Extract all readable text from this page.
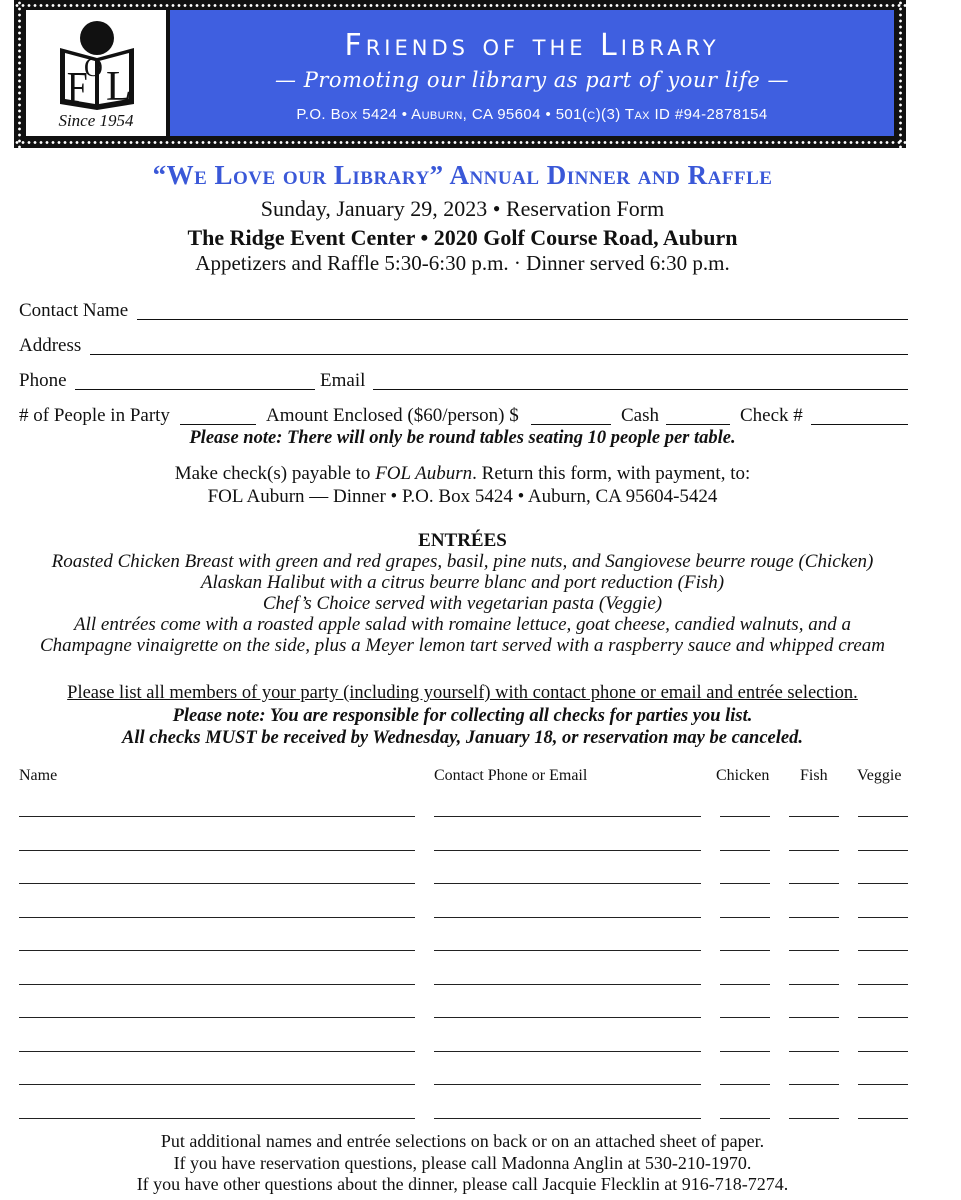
F
O L
Since 1954
Friends of the Library
— Promoting our library as part of your life —
P.O. Box 5424 • Auburn, CA 95604 • 501(c)(3) Tax ID #94-2878154
“We Love our Library” Annual Dinner and Raffle
Sunday, January 29, 2023 • Reservation Form
The Ridge Event Center • 2020 Golf Course Road, Auburn
Appetizers and Raffle 5:30-6:30 p.m. · Dinner served 6:30 p.m.
Contact Name
Address
Phone	Email
# of People in Party	Amount Enclosed ($60/person) $	Cash	Check #
Please note: There will only be round tables seating 10 people per table.
Make check(s) payable to FOL Auburn. Return this form, with payment, to:
FOL Auburn — Dinner • P.O. Box 5424 • Auburn, CA 95604-5424
ENTRÉES
Roasted Chicken Breast with green and red grapes, basil, pine nuts, and Sangiovese beurre rouge (Chicken)
Alaskan Halibut with a citrus beurre blanc and port reduction (Fish)
Chef’s Choice served with vegetarian pasta (Veggie)
All entrées come with a roasted apple salad with romaine lettuce, goat cheese, candied walnuts, and a
Champagne vinaigrette on the side, plus a Meyer lemon tart served with a raspberry sauce and whipped cream
Please list all members of your party (including yourself) with contact phone or email and entrée selection.
Please note: You are responsible for collecting all checks for parties you list.
All checks MUST be received by Wednesday, January 18, or reservation may be canceled.
Name	Contact Phone or Email	Chicken Fish Veggie
Put additional names and entrée selections on back or on an attached sheet of paper.
If you have reservation questions, please call Madonna Anglin at 530-210-1970.
If you have other questions about the dinner, please call Jacquie Flecklin at 916-718-7274.
